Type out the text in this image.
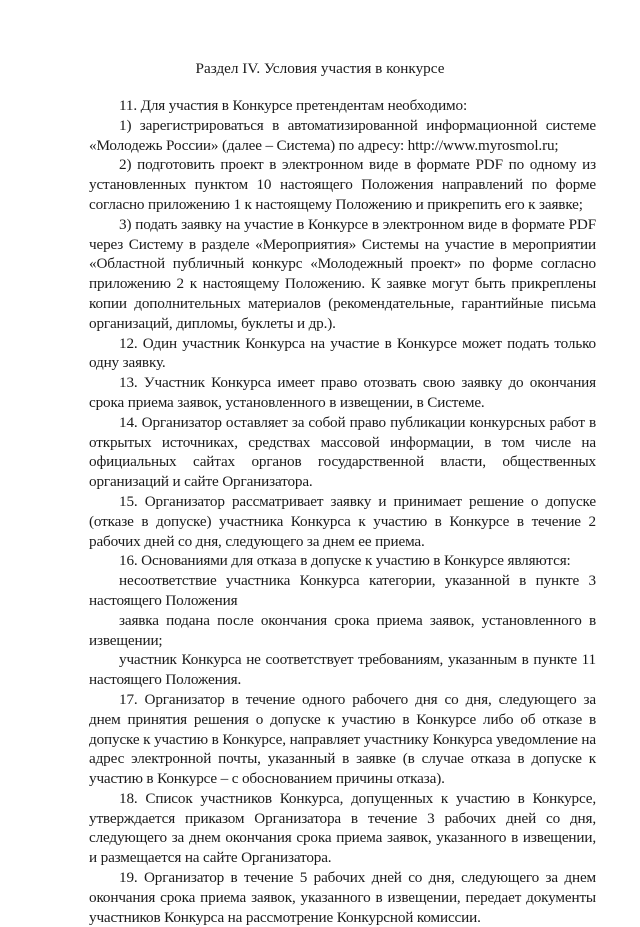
Раздел IV. Условия участия в конкурсе

11. Для участия в Конкурсе претендентам необходимо:

1) зарегистрироваться в автоматизированной информационной системе «Молодежь России» (далее – Система) по адресу: http://www.myrosmol.ru;

2) подготовить проект в электронном виде в формате PDF по одному из установленных пунктом 10 настоящего Положения направлений по форме согласно приложению 1 к настоящему Положению и прикрепить его к заявке;

3) подать заявку на участие в Конкурсе в электронном виде в формате PDF через Систему в разделе «Мероприятия» Системы на участие в мероприятии «Областной публичный конкурс «Молодежный проект» по форме согласно приложению 2 к настоящему Положению. К заявке могут быть прикреплены копии дополнительных материалов (рекомендательные, гарантийные письма организаций, дипломы, буклеты и др.).

12. Один участник Конкурса на участие в Конкурсе может подать только одну заявку.

13. Участник Конкурса имеет право отозвать свою заявку до окончания срока приема заявок, установленного в извещении, в Системе.

14. Организатор оставляет за собой право публикации конкурсных работ в открытых источниках, средствах массовой информации, в том числе на официальных сайтах органов государственной власти, общественных организаций и сайте Организатора.

15. Организатор рассматривает заявку и принимает решение о допуске (отказе в допуске) участника Конкурса к участию в Конкурсе в течение 2 рабочих дней со дня, следующего за днем ее приема.

16. Основаниями для отказа в допуске к участию в Конкурсе являются:

несоответствие участника Конкурса категории, указанной в пункте 3 настоящего Положения

заявка подана после окончания срока приема заявок, установленного в извещении;

участник Конкурса не соответствует требованиям, указанным в пункте 11 настоящего Положения.

17. Организатор в течение одного рабочего дня со дня, следующего за днем принятия решения о допуске к участию в Конкурсе либо об отказе в допуске к участию в Конкурсе, направляет участнику Конкурса уведомление на адрес электронной почты, указанный в заявке (в случае отказа в допуске к участию в Конкурсе – с обоснованием причины отказа).

18. Список участников Конкурса, допущенных к участию в Конкурсе, утверждается приказом Организатора в течение 3 рабочих дней со дня, следующего за днем окончания срока приема заявок, указанного в извещении, и размещается на сайте Организатора.

19. Организатор в течение 5 рабочих дней со дня, следующего за днем окончания срока приема заявок, указанного в извещении, передает документы участников Конкурса на рассмотрение Конкурсной комиссии.
